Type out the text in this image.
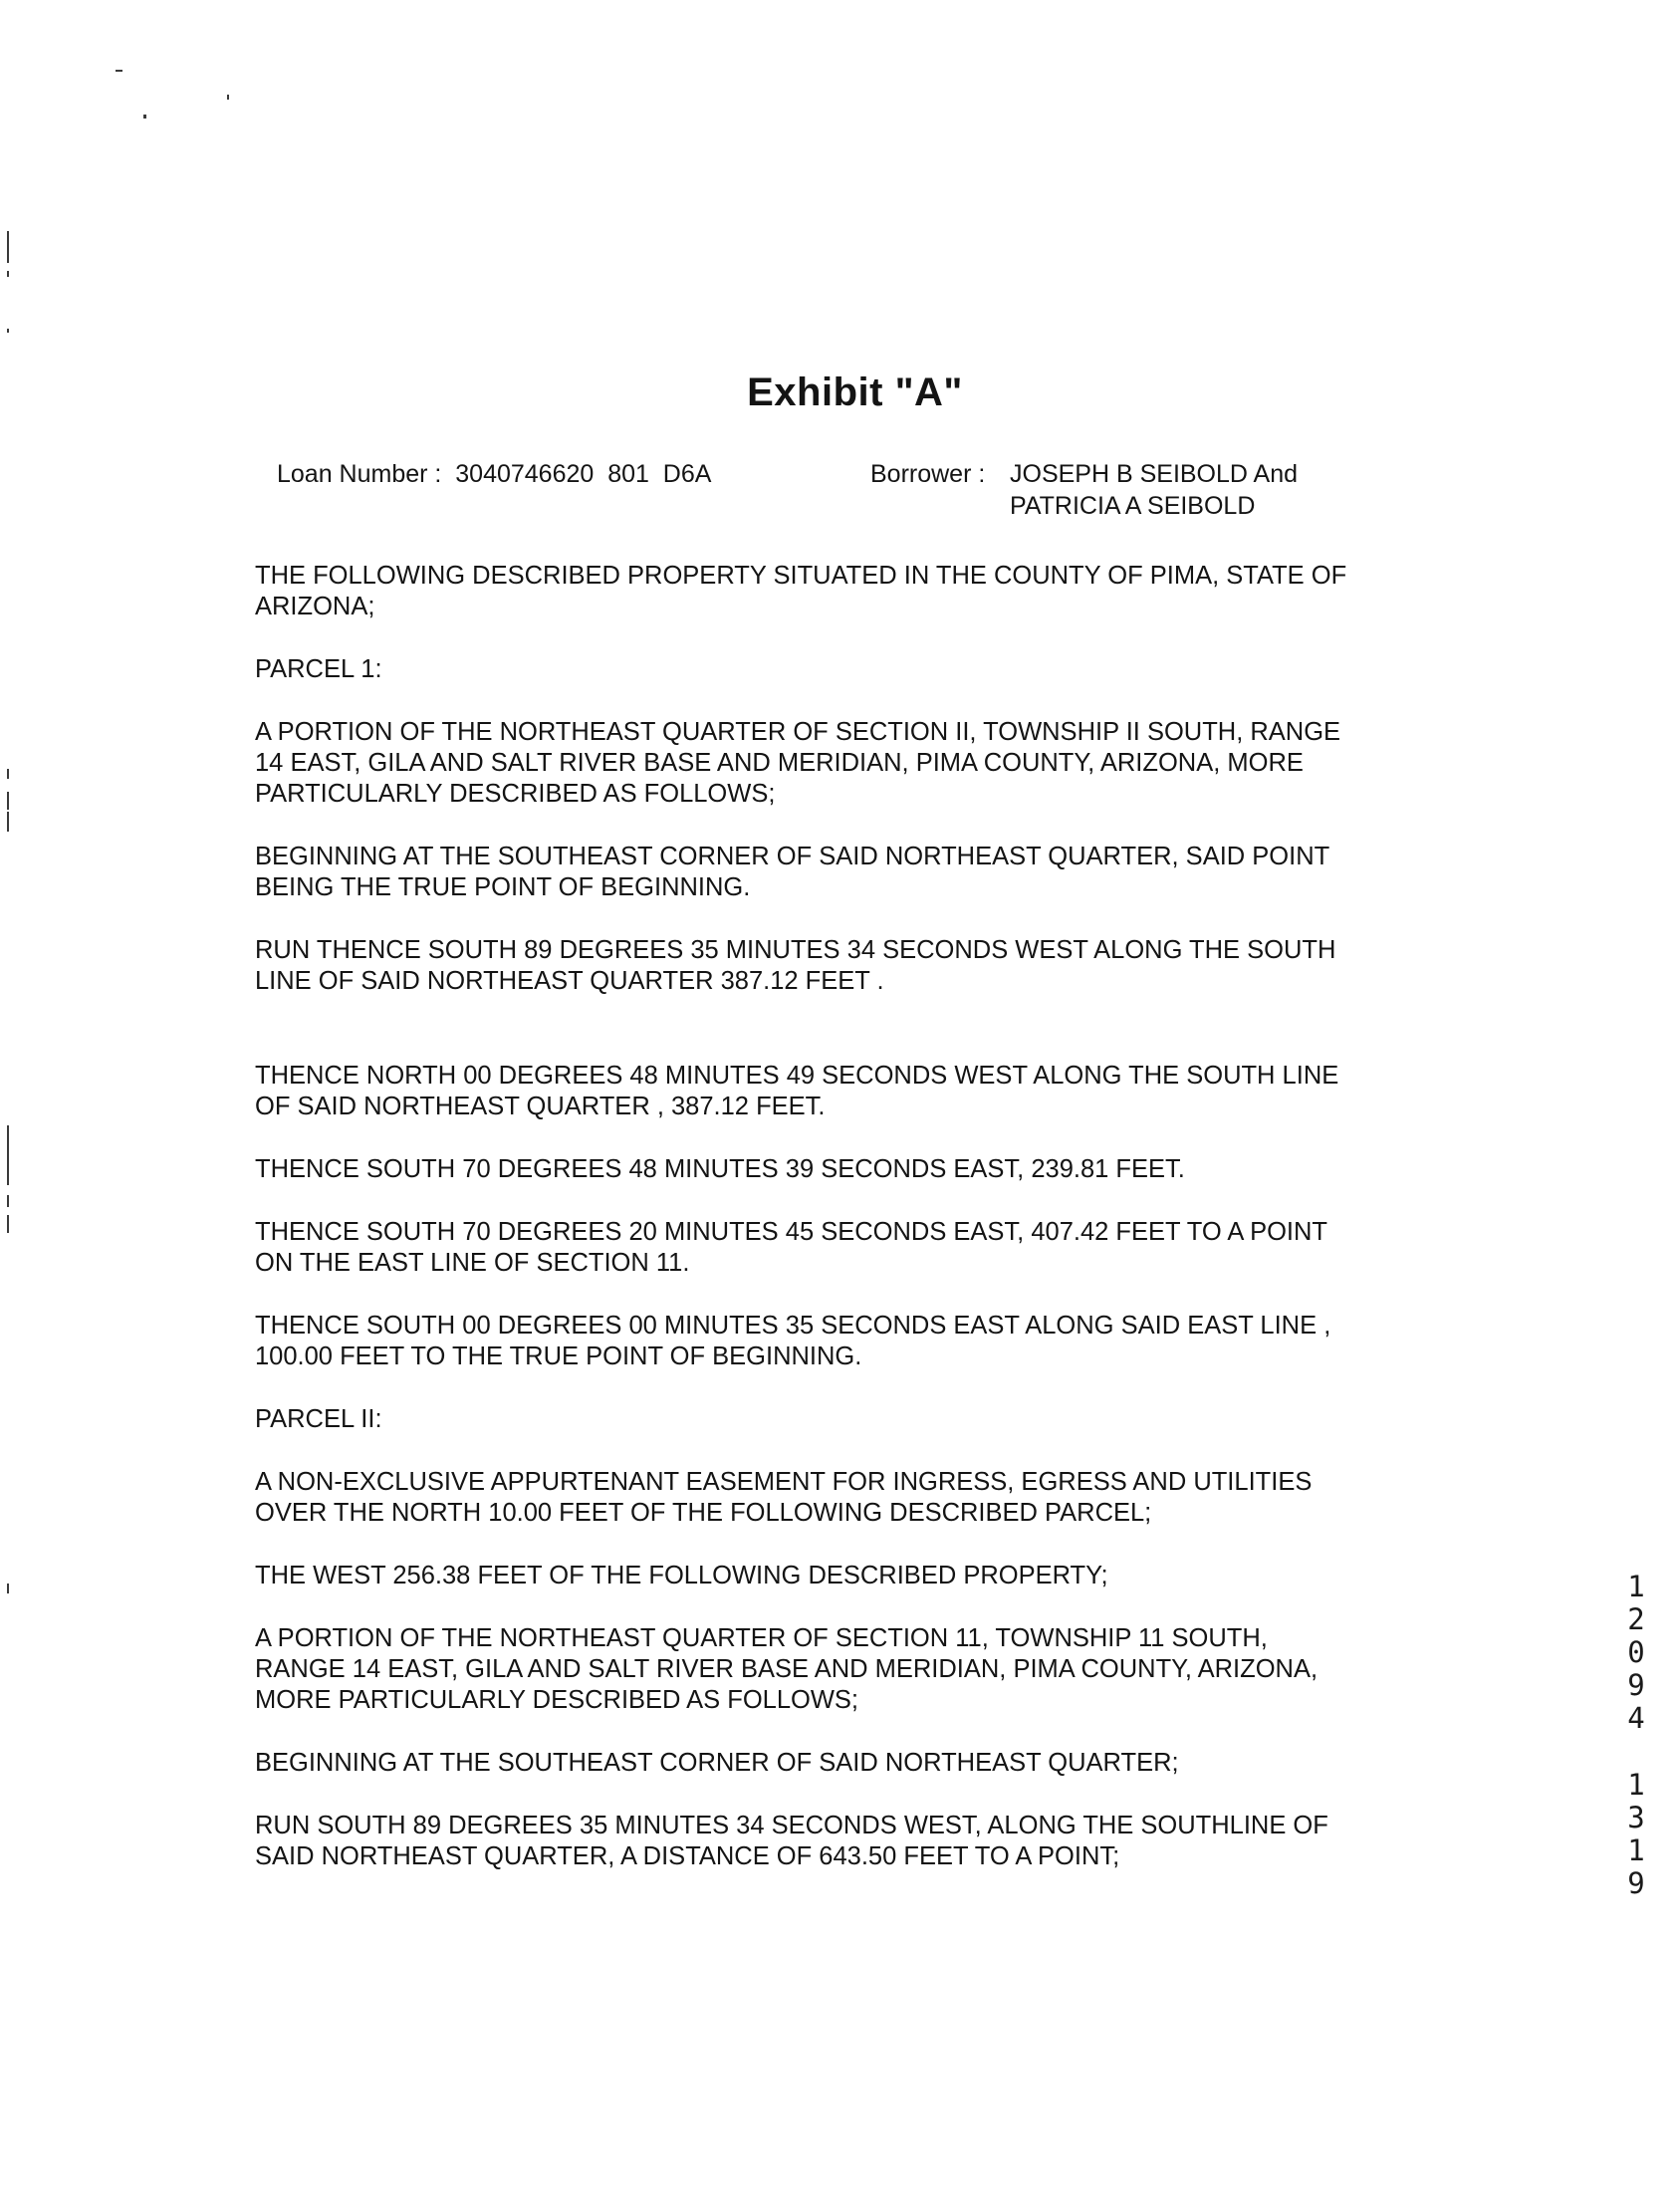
Exhibit "A"
Loan Number :  3040746620  801  D6A	Borrower : JOSEPH B SEIBOLD And
PATRICIA A SEIBOLD

THE FOLLOWING DESCRIBED PROPERTY SITUATED IN THE COUNTY OF PIMA, STATE OF
ARIZONA;

PARCEL 1:

A PORTION OF THE NORTHEAST QUARTER OF SECTION II, TOWNSHIP II SOUTH, RANGE
14 EAST, GILA AND SALT RIVER BASE AND MERIDIAN, PIMA COUNTY, ARIZONA, MORE
PARTICULARLY DESCRIBED AS FOLLOWS;

BEGINNING AT THE SOUTHEAST CORNER OF SAID NORTHEAST QUARTER, SAID POINT
BEING THE TRUE POINT OF BEGINNING.

RUN THENCE SOUTH 89 DEGREES 35 MINUTES 34 SECONDS WEST ALONG THE SOUTH
LINE OF SAID NORTHEAST QUARTER 387.12 FEET .

THENCE NORTH 00 DEGREES 48 MINUTES 49 SECONDS WEST ALONG THE SOUTH LINE
OF SAID NORTHEAST QUARTER , 387.12 FEET.

THENCE SOUTH 70 DEGREES 48 MINUTES 39 SECONDS EAST, 239.81 FEET.

THENCE SOUTH 70 DEGREES 20 MINUTES 45 SECONDS EAST, 407.42 FEET TO A POINT
ON THE EAST LINE OF SECTION 11.

THENCE SOUTH 00 DEGREES 00 MINUTES 35 SECONDS EAST ALONG SAID EAST LINE ,
100.00 FEET TO THE TRUE POINT OF BEGINNING.

PARCEL II:

A NON-EXCLUSIVE APPURTENANT EASEMENT FOR INGRESS, EGRESS AND UTILITIES
OVER THE NORTH 10.00 FEET OF THE FOLLOWING DESCRIBED PARCEL;

THE WEST 256.38 FEET OF THE FOLLOWING DESCRIBED PROPERTY;

A PORTION OF THE NORTHEAST QUARTER OF SECTION 11, TOWNSHIP 11 SOUTH,
RANGE 14 EAST, GILA AND SALT RIVER BASE AND MERIDIAN, PIMA COUNTY, ARIZONA,
MORE PARTICULARLY DESCRIBED AS FOLLOWS;

BEGINNING AT THE SOUTHEAST CORNER OF SAID NORTHEAST QUARTER;

RUN SOUTH 89 DEGREES 35 MINUTES 34 SECONDS WEST, ALONG THE SOUTHLINE OF
SAID NORTHEAST QUARTER, A DISTANCE OF 643.50 FEET TO A POINT;

1
2
0
9
4
1
3
1
9
